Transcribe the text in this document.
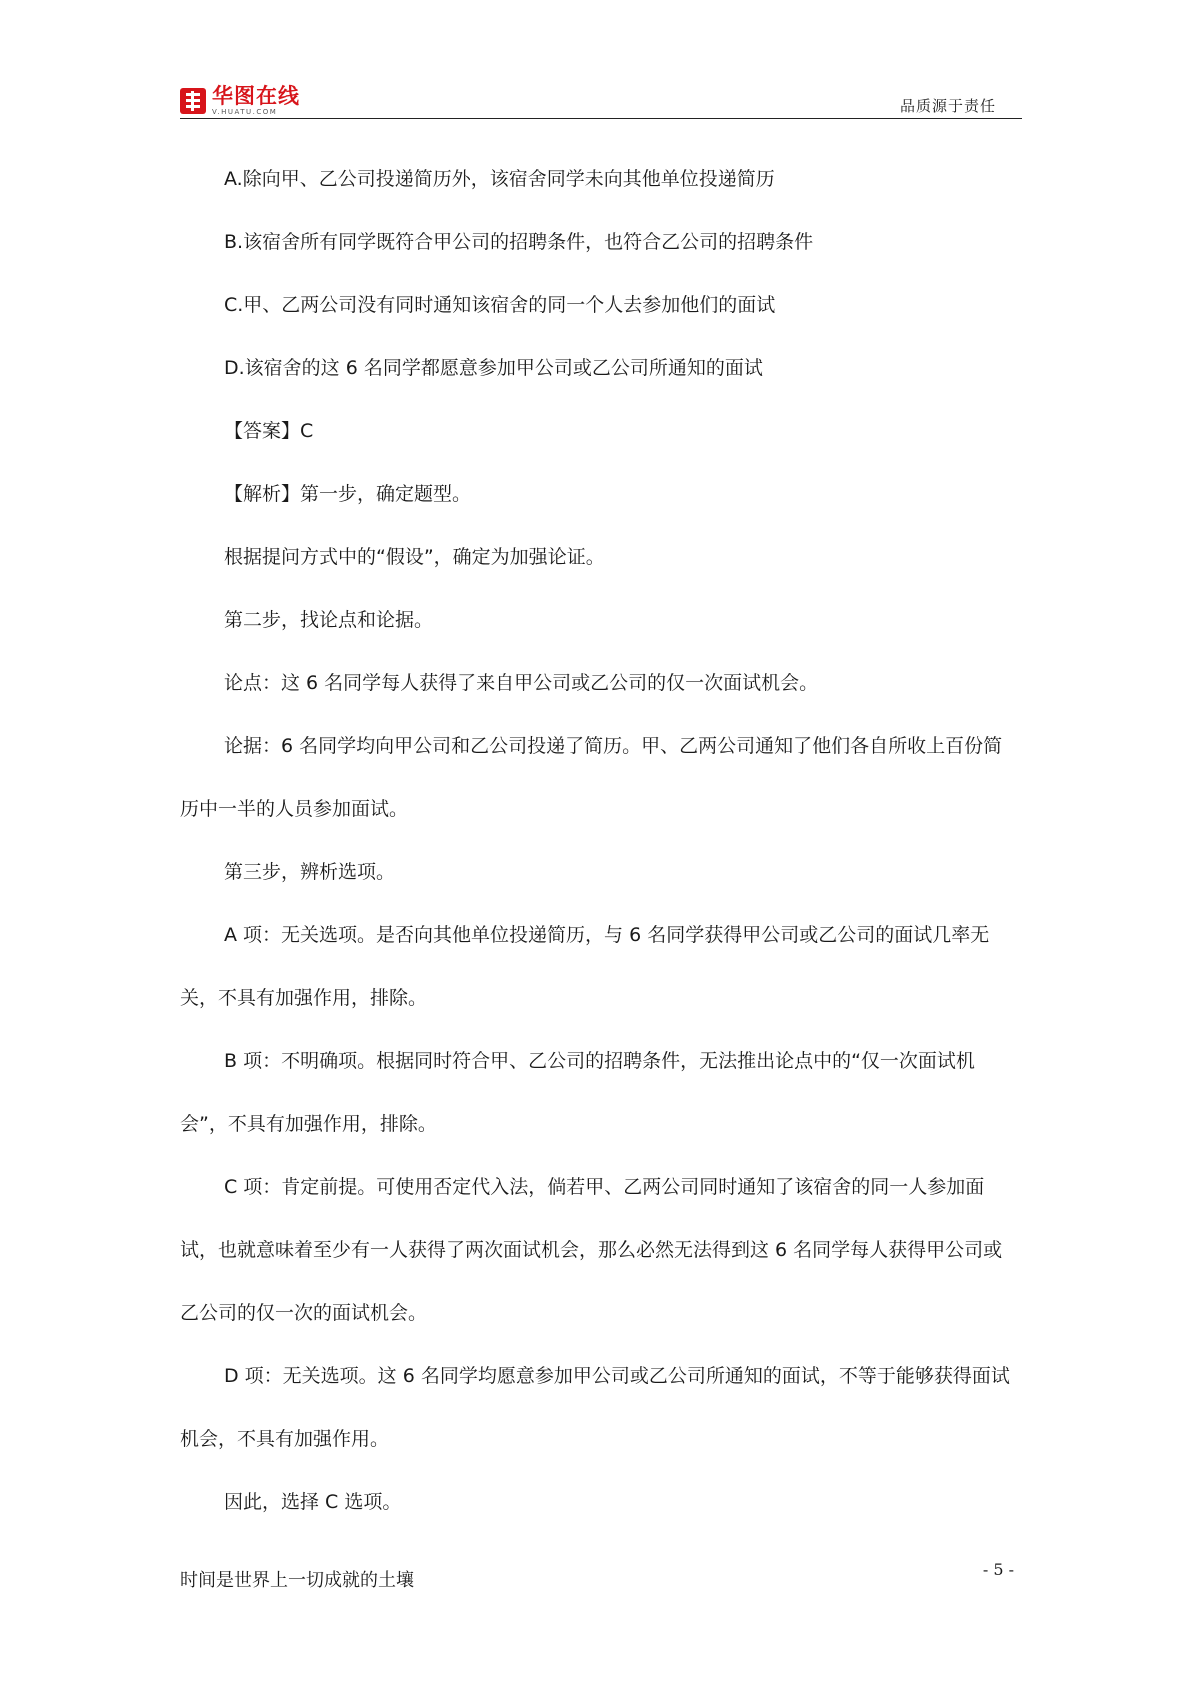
华图在线
V.HUATU.COM	品质源于责任

A.除向甲、乙公司投递简历外，该宿舍同学未向其他单位投递简历

B.该宿舍所有同学既符合甲公司的招聘条件，也符合乙公司的招聘条件

C.甲、乙两公司没有同时通知该宿舍的同一个人去参加他们的面试

D.该宿舍的这 6 名同学都愿意参加甲公司或乙公司所通知的面试

【答案】C

【解析】第一步，确定题型。

根据提问方式中的“假设”，确定为加强论证。

第二步，找论点和论据。

论点：这 6 名同学每人获得了来自甲公司或乙公司的仅一次面试机会。

论据：6 名同学均向甲公司和乙公司投递了简历。甲、乙两公司通知了他们各自所收上百份简历中一半的人员参加面试。

第三步，辨析选项。

A 项：无关选项。是否向其他单位投递简历，与 6 名同学获得甲公司或乙公司的面试几率无关，不具有加强作用，排除。

B 项：不明确项。根据同时符合甲、乙公司的招聘条件，无法推出论点中的“仅一次面试机会”，不具有加强作用，排除。

C 项：肯定前提。可使用否定代入法，倘若甲、乙两公司同时通知了该宿舍的同一人参加面试，也就意味着至少有一人获得了两次面试机会，那么必然无法得到这 6 名同学每人获得甲公司或乙公司的仅一次的面试机会。

D 项：无关选项。这 6 名同学均愿意参加甲公司或乙公司所通知的面试，不等于能够获得面试机会，不具有加强作用。

因此，选择 C 选项。

时间是世界上一切成就的土壤
- 5 -
